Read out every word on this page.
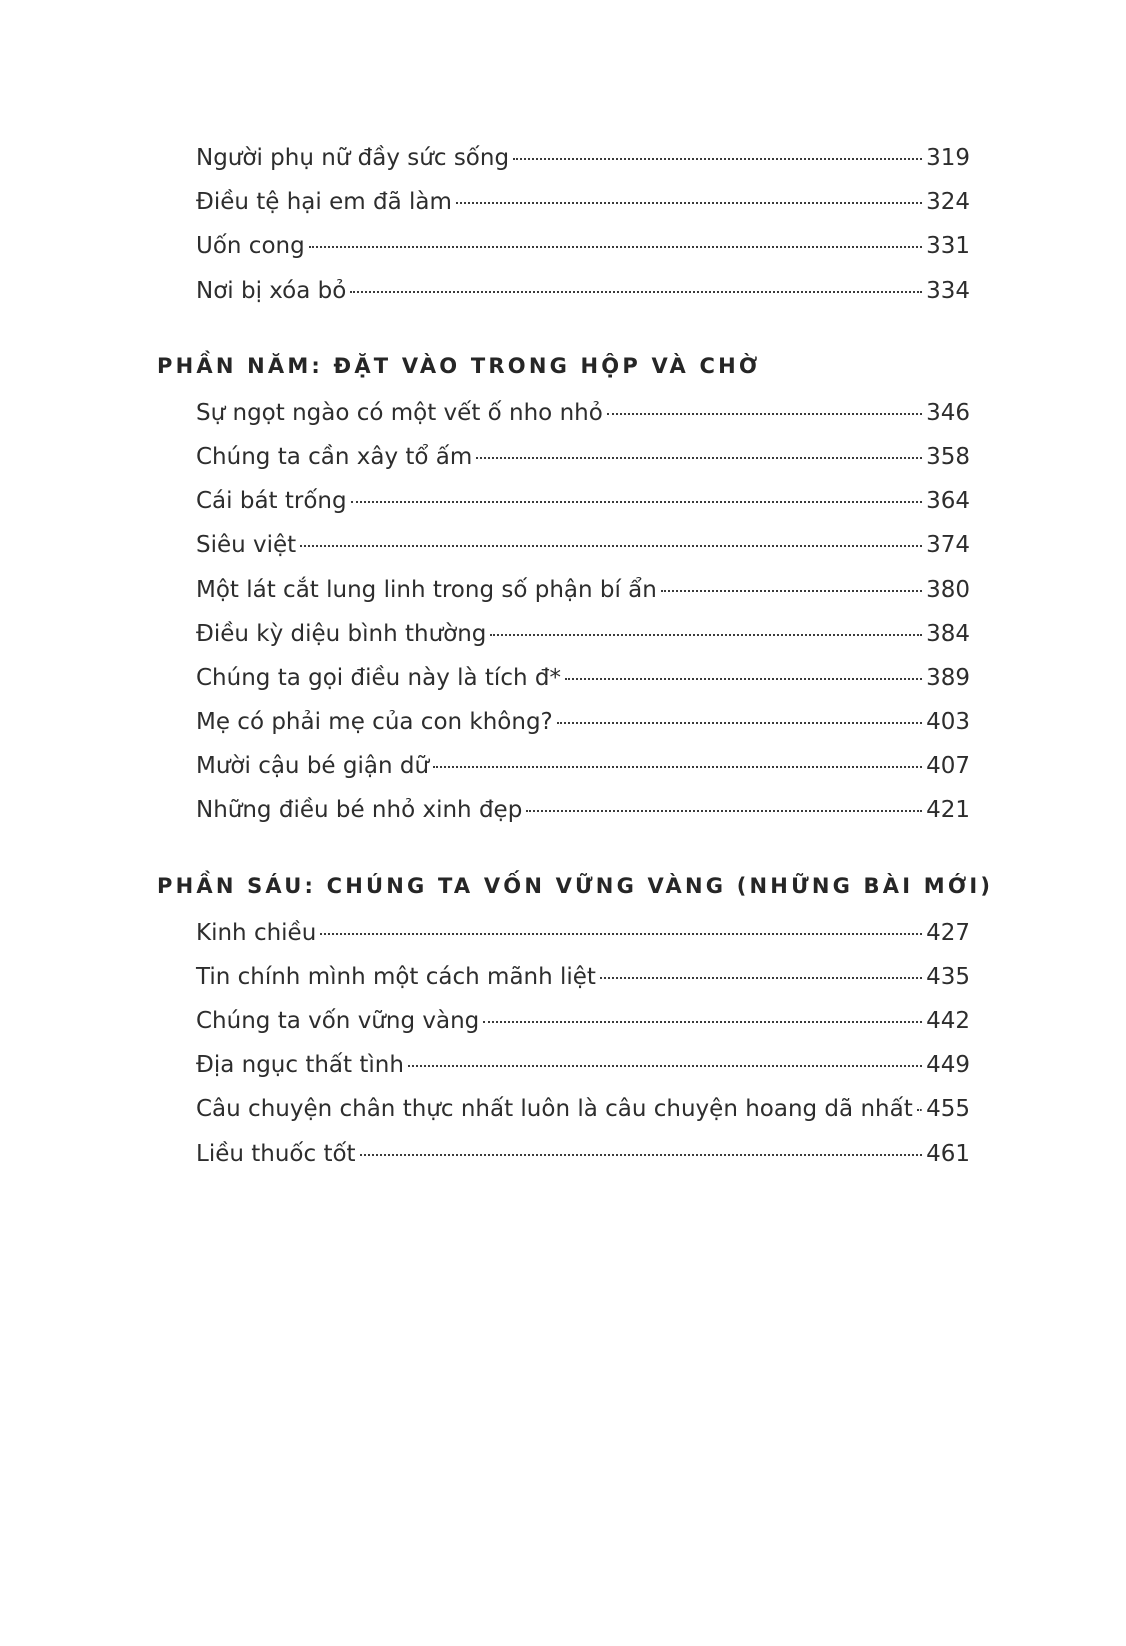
Người phụ nữ đầy sức sống	319
Điều tệ hại em đã làm	324
Uốn cong	331
Nơi bị xóa bỏ	334
PHẦN NĂM: ĐẶT VÀO TRONG HỘP VÀ CHỜ
Sự ngọt ngào có một vết ố nho nhỏ	346
Chúng ta cần xây tổ ấm	358
Cái bát trống	364
Siêu việt	374
Một lát cắt lung linh trong số phận bí ẩn	380
Điều kỳ diệu bình thường	384
Chúng ta gọi điều này là tích đ*	389
Mẹ có phải mẹ của con không?	403
Mười cậu bé giận dữ	407
Những điều bé nhỏ xinh đẹp	421
PHẦN SÁU: CHÚNG TA VỐN VỮNG VÀNG (NHỮNG BÀI MỚI)
Kinh chiều	427
Tin chính mình một cách mãnh liệt	435
Chúng ta vốn vững vàng	442
Địa ngục thất tình	449
Câu chuyện chân thực nhất luôn là câu chuyện hoang dã nhất 455
Liều thuốc tốt	461
